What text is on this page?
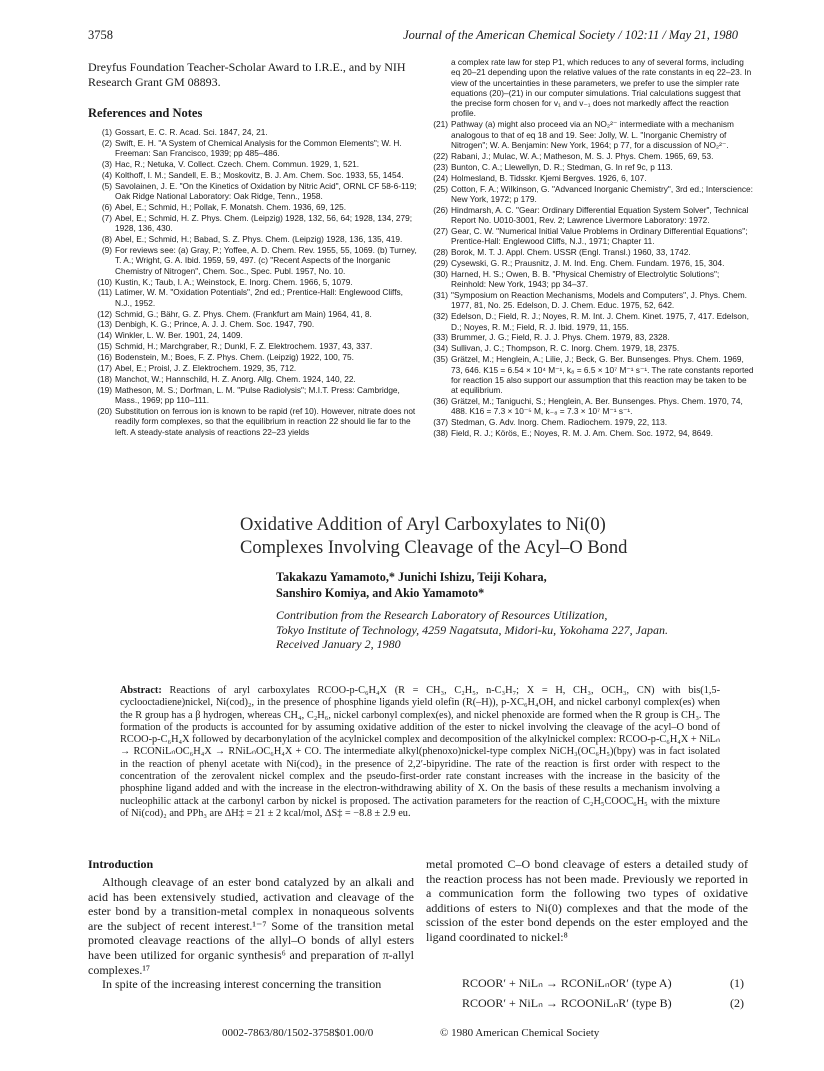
3758	Journal of the American Chemical Society / 102:11 / May 21, 1980
Dreyfus Foundation Teacher-Scholar Award to I.R.E., and by NIH Research Grant GM 08893.
References and Notes
(1) Gossart, E. C. R. Acad. Sci. 1847, 24, 21.
(2) Swift, E. H. "A System of Chemical Analysis for the Common Elements"; W. H. Freeman: San Francisco, 1939; pp 485–486.
(3) Hac, R.; Netuka, V. Collect. Czech. Chem. Commun. 1929, 1, 521.
(4) Kolthoff, I. M.; Sandell, E. B.; Moskovitz, B. J. Am. Chem. Soc. 1933, 55, 1454.
(5) Savolainen, J. E. "On the Kinetics of Oxidation by Nitric Acid", ORNL CF 58-6-119; Oak Ridge National Laboratory: Oak Ridge, Tenn., 1958.
(6) Abel, E.; Schmid, H.; Pollak, F. Monatsh. Chem. 1936, 69, 125.
(7) Abel, E.; Schmid, H. Z. Phys. Chem. (Leipzig) 1928, 132, 56, 64; 1928, 134, 279; 1928, 136, 430.
(8) Abel, E.; Schmid, H.; Babad, S. Z. Phys. Chem. (Leipzig) 1928, 136, 135, 419.
(9) For reviews see: (a) Gray, P.; Yoffee, A. D. Chem. Rev. 1955, 55, 1069. (b) Turney, T. A.; Wright, G. A. Ibid. 1959, 59, 497. (c) "Recent Aspects of the Inorganic Chemistry of Nitrogen", Chem. Soc., Spec. Publ. 1957, No. 10.
(10) Kustin, K.; Taub, I. A.; Weinstock, E. Inorg. Chem. 1966, 5, 1079.
(11) Latimer, W. M. "Oxidation Potentials", 2nd ed.; Prentice-Hall: Englewood Cliffs, N.J., 1952.
(12) Schmid, G.; Bähr, G. Z. Phys. Chem. (Frankfurt am Main) 1964, 41, 8.
(13) Denbigh, K. G.; Prince, A. J. J. Chem. Soc. 1947, 790.
(14) Winkler, L. W. Ber. 1901, 24, 1409.
(15) Schmid, H.; Marchgraber, R.; Dunkl, F. Z. Elektrochem. 1937, 43, 337.
(16) Bodenstein, M.; Boes, F. Z. Phys. Chem. (Leipzig) 1922, 100, 75.
(17) Abel, E.; Proisl, J. Z. Elektrochem. 1929, 35, 712.
(18) Manchot, W.; Hannschild, H. Z. Anorg. Allg. Chem. 1924, 140, 22.
(19) Matheson, M. S.; Dorfman, L. M. "Pulse Radiolysis"; M.I.T. Press: Cambridge, Mass., 1969; pp 110–111.
(20) Substitution on ferrous ion is known to be rapid (ref 10). However, nitrate does not readily form complexes, so that the equilibrium in reaction 22 should lie far to the left. A steady-state analysis of reactions 22–23 yields
a complex rate law for step P1, which reduces to any of several forms, including eq 20–21 depending upon the relative values of the rate constants in eq 22–23. In view of the uncertainties in these parameters, we prefer to use the simpler rate equations (20)–(21) in our computer simulations. Trial calculations suggest that the precise form chosen for v₁ and v₋₁ does not markedly affect the reaction profile.
(21) Pathway (a) might also proceed via an NO₂²⁻ intermediate with a mechanism analogous to that of eq 18 and 19. See: Jolly, W. L. "Inorganic Chemistry of Nitrogen"; W. A. Benjamin: New York, 1964; p 77, for a discussion of NO₂²⁻.
(22) Rabani, J.; Mulac, W. A.; Matheson, M. S. J. Phys. Chem. 1965, 69, 53.
(23) Bunton, C. A.; Llewellyn, D. R.; Stedman, G. In ref 9c, p 113.
(24) Holmesland, B. Tidsskr. Kjemi Bergves. 1926, 6, 107.
(25) Cotton, F. A.; Wilkinson, G. "Advanced Inorganic Chemistry", 3rd ed.; Interscience: New York, 1972; p 179.
(26) Hindmarsh, A. C. "Gear: Ordinary Differential Equation System Solver", Technical Report No. U010-3001, Rev. 2; Lawrence Livermore Laboratory: 1972.
(27) Gear, C. W. "Numerical Initial Value Problems in Ordinary Differential Equations"; Prentice-Hall: Englewood Cliffs, N.J., 1971; Chapter 11.
(28) Borok, M. T. J. Appl. Chem. USSR (Engl. Transl.) 1960, 33, 1742.
(29) Cysewski, G. R.; Prausnitz, J. M. Ind. Eng. Chem. Fundam. 1976, 15, 304.
(30) Harned, H. S.; Owen, B. B. "Physical Chemistry of Electrolytic Solutions"; Reinhold: New York, 1943; pp 34–37.
(31) "Symposium on Reaction Mechanisms, Models and Computers", J. Phys. Chem. 1977, 81, No. 25. Edelson, D. J. Chem. Educ. 1975, 52, 642.
(32) Edelson, D.; Field, R. J.; Noyes, R. M. Int. J. Chem. Kinet. 1975, 7, 417. Edelson, D.; Noyes, R. M.; Field, R. J. Ibid. 1979, 11, 155.
(33) Brummer, J. G.; Field, R. J. J. Phys. Chem. 1979, 83, 2328.
(34) Sullivan, J. C.; Thompson, R. C. Inorg. Chem. 1979, 18, 2375.
(35) Grätzel, M.; Henglein, A.; Lilie, J.; Beck, G. Ber. Bunsenges. Phys. Chem. 1969, 73, 646. K15 = 6.54 × 10⁴ M⁻¹, k₈ = 6.5 × 10⁷ M⁻¹ s⁻¹. The rate constants reported for reaction 15 also support our assumption that this reaction may be taken to be at equilibrium.
(36) Grätzel, M.; Taniguchi, S.; Henglein, A. Ber. Bunsenges. Phys. Chem. 1970, 74, 488. K16 = 7.3 × 10⁻⁵ M, k₋₈ = 7.3 × 10⁷ M⁻¹ s⁻¹.
(37) Stedman, G. Adv. Inorg. Chem. Radiochem. 1979, 22, 113.
(38) Field, R. J.; Körös, E.; Noyes, R. M. J. Am. Chem. Soc. 1972, 94, 8649.
Oxidative Addition of Aryl Carboxylates to Ni(0)
Complexes Involving Cleavage of the Acyl–O Bond
Takakazu Yamamoto,* Junichi Ishizu, Teiji Kohara,
Sanshiro Komiya, and Akio Yamamoto*
Contribution from the Research Laboratory of Resources Utilization,
Tokyo Institute of Technology, 4259 Nagatsuta, Midori-ku, Yokohama 227, Japan.
Received January 2, 1980
Abstract: Reactions of aryl carboxylates RCOO-p-C₆H₄X (R = CH₃, C₂H₅, n-C₃H₇; X = H, CH₃, OCH₃, CN) with bis(1,5-cyclooctadiene)nickel, Ni(cod)₂, in the presence of phosphine ligands yield olefin (R(–H)), p-XC₆H₄OH, and nickel carbonyl complex(es) when the R group has a β hydrogen, whereas CH₄, C₂H₆, nickel carbonyl complex(es), and nickel phenoxide are formed when the R group is CH₃. The formation of the products is accounted for by assuming oxidative addition of the ester to nickel involving the cleavage of the acyl–O bond of RCOO-p-C₆H₄X followed by decarbonylation of the acylnickel complex and decomposition of the alkylnickel complex: RCOO-p-C₆H₄X + NiLₙ → RCONiLₙOC₆H₄X → RNiLₙOC₆H₄X + CO. The intermediate alkyl(phenoxo)nickel-type complex NiCH₃(OC₆H₅)(bpy) was in fact isolated in the reaction of phenyl acetate with Ni(cod)₂ in the presence of 2,2′-bipyridine. The rate of the reaction is first order with respect to the concentration of the zerovalent nickel complex and the pseudo-first-order rate constant increases with the increase in the basicity of the phosphine ligand added and with the increase in the electron-withdrawing ability of X. On the basis of these results a mechanism involving a nucleophilic attack at the carbonyl carbon by nickel is proposed. The activation parameters for the reaction of C₂H₅COOC₆H₅ with the mixture of Ni(cod)₂ and PPh₃ are ΔH‡ = 21 ± 2 kcal/mol, ΔS‡ = −8.8 ± 2.9 eu.
Introduction

Although cleavage of an ester bond catalyzed by an alkali and acid has been extensively studied, activation and cleavage of the ester bond by a transition-metal complex in nonaqueous solvents are the subject of recent interest.¹⁻⁷ Some of the transition metal promoted cleavage reactions of the allyl–O bonds of allyl esters have been utilized for organic synthesis⁶ and preparation of π-allyl complexes.¹⁷

In spite of the increasing interest concerning the transition

metal promoted C–O bond cleavage of esters a detailed study of the reaction process has not been made. Previously we reported in a communication form the following two types of oxidative additions of esters to Ni(0) complexes and that the mode of the scission of the ester bond depends on the ester employed and the ligand coordinated to nickel:⁸

RCOOR′ + NiLₙ → RCONiLₙOR′ (type A)	(1)
RCOOR′ + NiLₙ → RCOONiLₙR′ (type B)	(2)
0002-7863/80/1502-3758$01.00/0	© 1980 American Chemical Society
